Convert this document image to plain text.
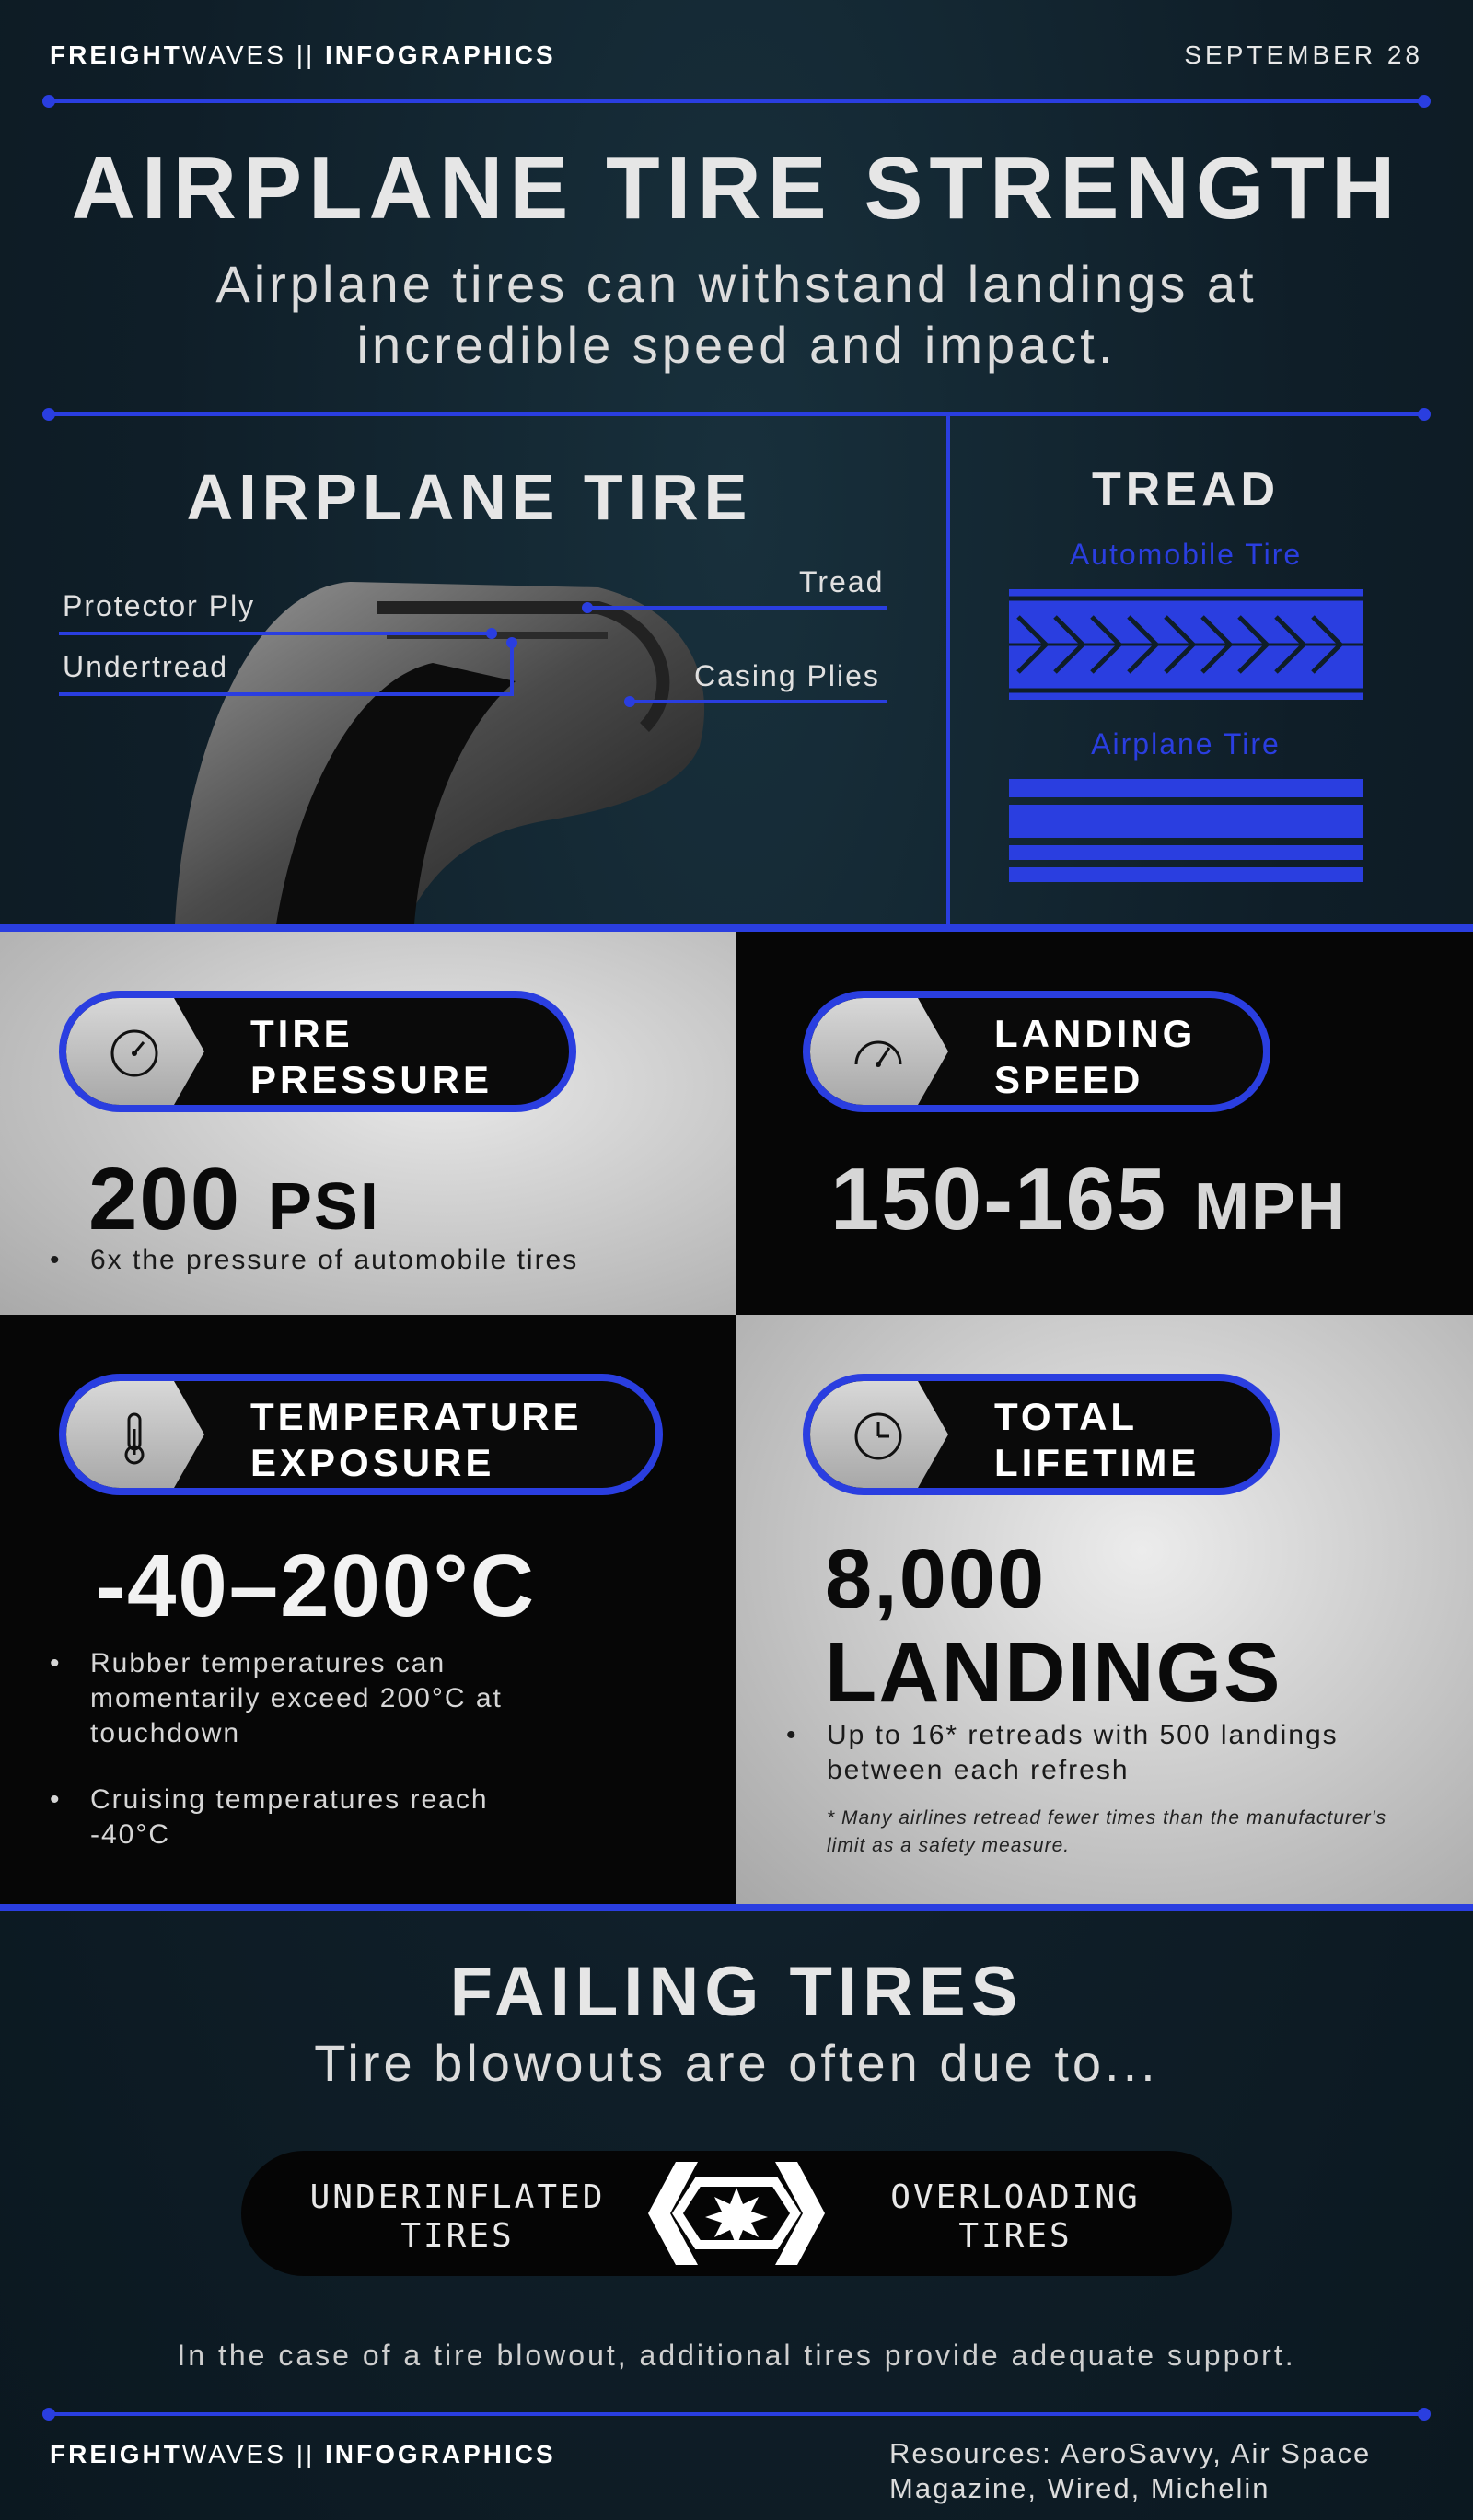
FREIGHTWAVES || INFOGRAPHICS	SEPTEMBER 28
AIRPLANE TIRE STRENGTH
Airplane tires can withstand landings at
incredible speed and impact.
AIRPLANE TIRE
Protector Ply
Undertread
Tread
Casing Plies
TREAD
Automobile Tire
Airplane Tire
TIRE
PRESSURE
200 PSI
• 6x the pressure of automobile tires
LANDING
SPEED
150-165 MPH
TEMPERATURE
EXPOSURE
-40–200°C
• Rubber temperatures can momentarily exceed 200°C at touchdown
• Cruising temperatures reach -40°C
TOTAL
LIFETIME
8,000
LANDINGS
• Up to 16* retreads with 500 landings between each refresh
* Many airlines retread fewer times than the manufacturer's limit as a safety measure.
FAILING TIRES
Tire blowouts are often due to...
UNDERINFLATED
TIRES
OVERLOADING
TIRES
In the case of a tire blowout, additional tires provide adequate support.
FREIGHTWAVES || INFOGRAPHICS	Resources: AeroSavvy, Air Space
Magazine, Wired, Michelin
